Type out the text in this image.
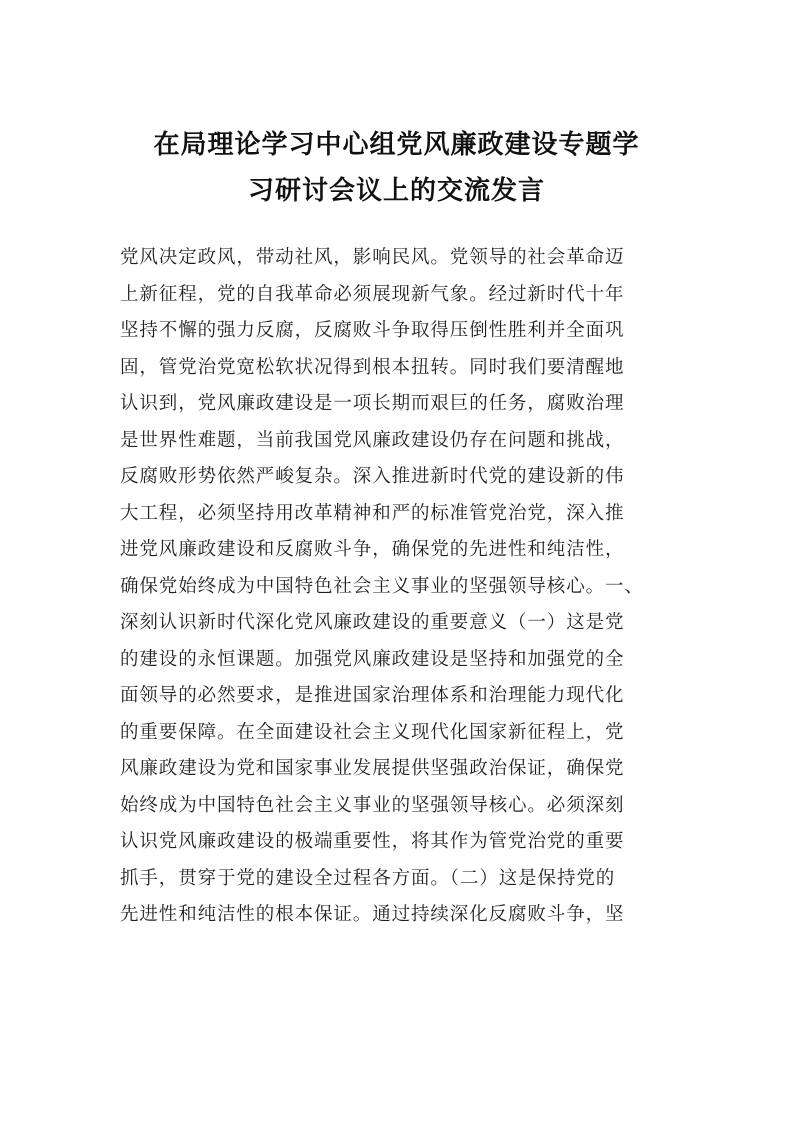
在局理论学习中心组党风廉政建设专题学
习研讨会议上的交流发言
党风决定政风，带动社风，影响民风。党领导的社会革命迈
上新征程，党的自我革命必须展现新气象。经过新时代十年
坚持不懈的强力反腐，反腐败斗争取得压倒性胜利并全面巩
固，管党治党宽松软状况得到根本扭转。同时我们要清醒地
认识到，党风廉政建设是一项长期而艰巨的任务，腐败治理
是世界性难题，当前我国党风廉政建设仍存在问题和挑战，
反腐败形势依然严峻复杂。深入推进新时代党的建设新的伟
大工程，必须坚持用改革精神和严的标准管党治党，深入推
进党风廉政建设和反腐败斗争，确保党的先进性和纯洁性，
确保党始终成为中国特色社会主义事业的坚强领导核心。一、
深刻认识新时代深化党风廉政建设的重要意义（一）这是党
的建设的永恒课题。加强党风廉政建设是坚持和加强党的全
面领导的必然要求，是推进国家治理体系和治理能力现代化
的重要保障。在全面建设社会主义现代化国家新征程上，党
风廉政建设为党和国家事业发展提供坚强政治保证，确保党
始终成为中国特色社会主义事业的坚强领导核心。必须深刻
认识党风廉政建设的极端重要性，将其作为管党治党的重要
抓手，贯穿于党的建设全过程各方面。（二）这是保持党的
先进性和纯洁性的根本保证。通过持续深化反腐败斗争，坚
